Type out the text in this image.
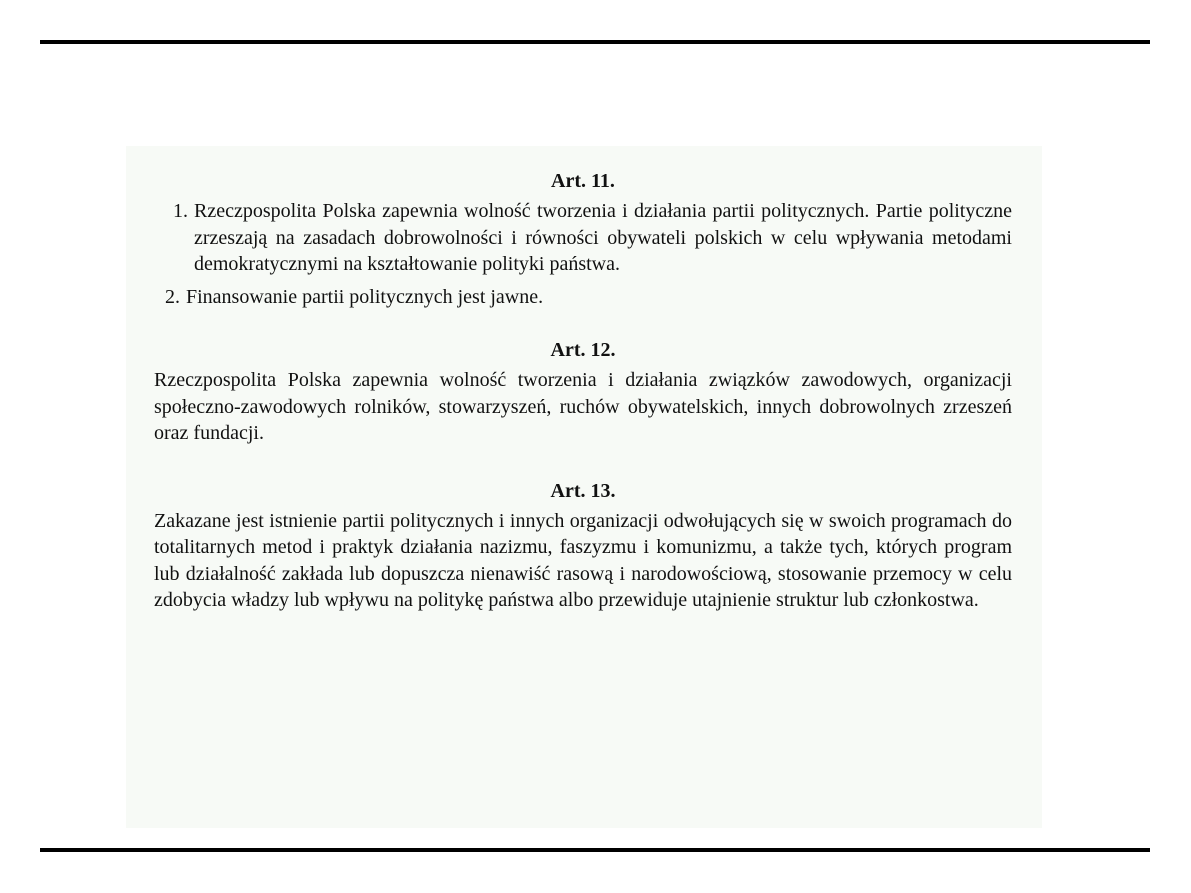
Art. 11.
1. Rzeczpospolita Polska zapewnia wolność tworzenia i działania partii politycznych. Partie polityczne zrzeszają na zasadach dobrowolności i równości obywateli polskich w celu wpływania metodami demokratycznymi na kształtowanie polityki państwa.
2. Finansowanie partii politycznych jest jawne.
Art. 12.

Rzeczpospolita Polska zapewnia wolność tworzenia i działania związków zawodowych, organizacji społeczno-zawodowych rolników, stowarzyszeń, ruchów obywatelskich, innych dobrowolnych zrzeszeń oraz fundacji.

Art. 13.

Zakazane jest istnienie partii politycznych i innych organizacji odwołujących się w swoich programach do totalitarnych metod i praktyk działania nazizmu, faszyzmu i komunizmu, a także tych, których program lub działalność zakłada lub dopuszcza nienawiść rasową i narodowościową, stosowanie przemocy w celu zdobycia władzy lub wpływu na politykę państwa albo przewiduje utajnienie struktur lub członkostwa.
